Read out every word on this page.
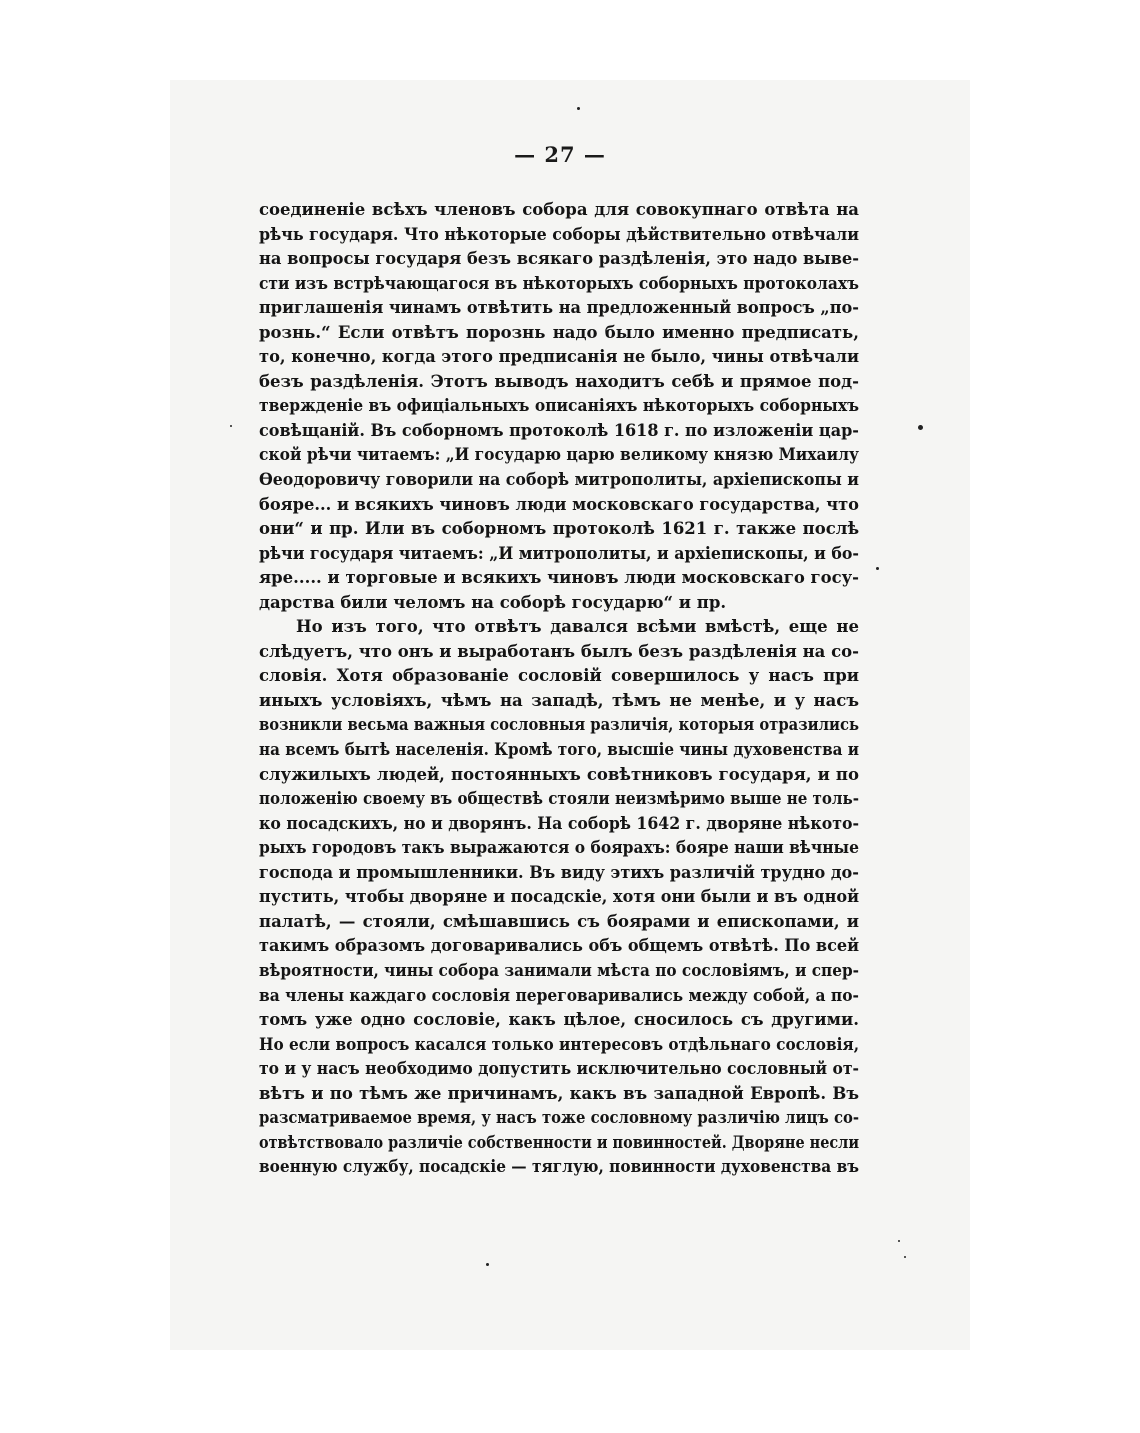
— 27 —
соединеніе всѣхъ членовъ собора для совокупнаго отвѣта на
рѣчь государя. Что нѣкоторые соборы дѣйствительно отвѣчали
на вопросы государя безъ всякаго раздѣленія, это надо выве-
сти изъ встрѣчающагося въ нѣкоторыхъ соборныхъ протоколахъ
приглашенія чинамъ отвѣтить на предложенный вопросъ „по-
рознь.“ Если отвѣтъ порознь надо было именно предписать,
то, конечно, когда этого предписанія не было, чины отвѣчали
безъ раздѣленія. Этотъ выводъ находитъ себѣ и прямое под-
твержденіе въ офиціальныхъ описаніяхъ нѣкоторыхъ соборныхъ
совѣщаній. Въ соборномъ протоколѣ 1618 г. по изложеніи цар-
ской рѣчи читаемъ: „И государю царю великому князю Михаилу
Ѳеодоровичу говорили на соборѣ митрополиты, архіепископы и
бояре... и всякихъ чиновъ люди московскаго государства, что
они“ и пр. Или въ соборномъ протоколѣ 1621 г. также послѣ
рѣчи государя читаемъ: „И митрополиты, и архіепископы, и бо-
яре..... и торговые и всякихъ чиновъ люди московскаго госу-
дарства били челомъ на соборѣ государю“ и пр.
Но изъ того, что отвѣтъ давался всѣми вмѣстѣ, еще не
слѣдуетъ, что онъ и выработанъ былъ безъ раздѣленія на со-
словія. Хотя образованіе сословій совершилось у насъ при
иныхъ условіяхъ, чѣмъ на западѣ, тѣмъ не менѣе, и у насъ
возникли весьма важныя сословныя различія, которыя отразились
на всемъ бытѣ населенія. Кромѣ того, высшіе чины духовенства и
служилыхъ людей, постоянныхъ совѣтниковъ государя, и по
положенію своему въ обществѣ стояли неизмѣримо выше не толь-
ко посадскихъ, но и дворянъ. На соборѣ 1642 г. дворяне нѣкото-
рыхъ городовъ такъ выражаются о боярахъ: бояре наши вѣчные
господа и промышленники. Въ виду этихъ различій трудно до-
пустить, чтобы дворяне и посадскіе, хотя они были и въ одной
палатѣ, — стояли, смѣшавшись съ боярами и епископами, и
такимъ образомъ договаривались объ общемъ отвѣтѣ. По всей
вѣроятности, чины собора занимали мѣста по сословіямъ, и спер-
ва члены каждаго сословія переговаривались между собой, а по-
томъ уже одно сословіе, какъ цѣлое, сносилось съ другими.
Но если вопросъ касался только интересовъ отдѣльнаго сословія,
то и у насъ необходимо допустить исключительно сословный от-
вѣтъ и по тѣмъ же причинамъ, какъ въ западной Европѣ. Въ
разсматриваемое время, у насъ тоже сословному различію лицъ со-
отвѣтствовало различіе собственности и повинностей. Дворяне несли
военную службу, посадскіе — тяглую, повинности духовенства въ
